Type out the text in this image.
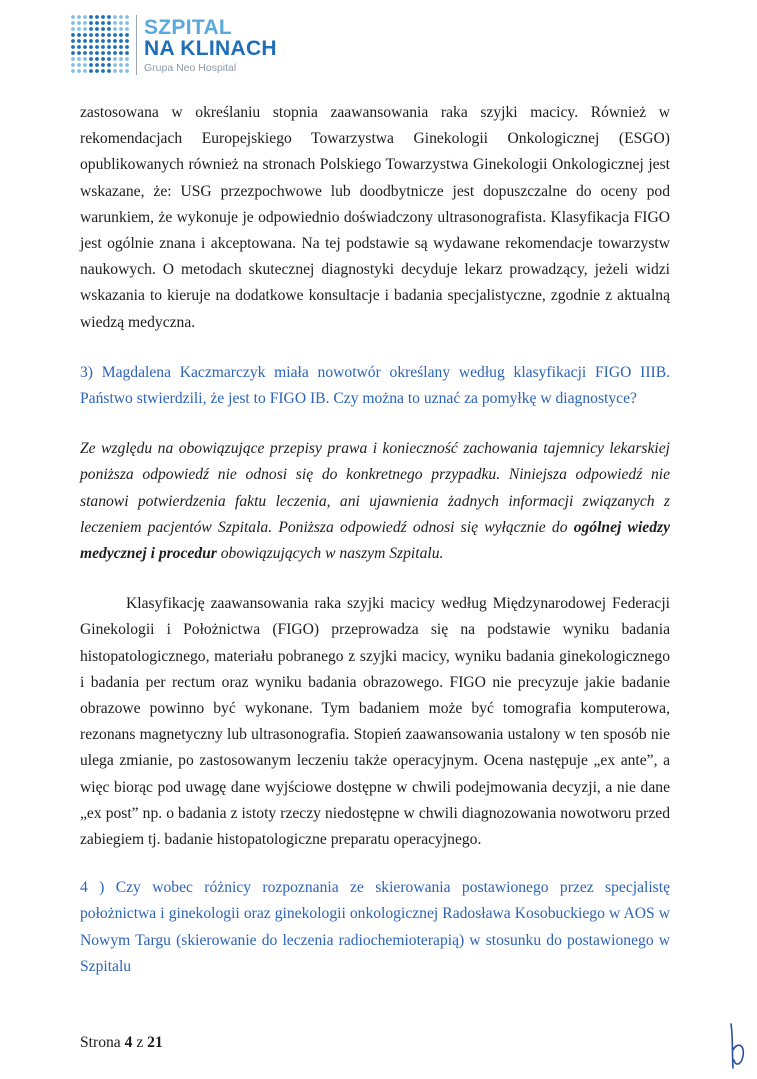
SZPITAL
NA KLINACH
Grupa Neo Hospital

zastosowana w określaniu stopnia zaawansowania raka szyjki macicy. Również w rekomendacjach Europejskiego Towarzystwa Ginekologii Onkologicznej (ESGO) opublikowanych również na stronach Polskiego Towarzystwa Ginekologii Onkologicznej jest wskazane, że: USG przezpochwowe lub doodbytnicze jest dopuszczalne do oceny pod warunkiem, że wykonuje je odpowiednio doświadczony ultrasonografista. Klasyfikacja FIGO jest ogólnie znana i akceptowana. Na tej podstawie są wydawane rekomendacje towarzystw naukowych. O metodach skutecznej diagnostyki decyduje lekarz prowadzący, jeżeli widzi wskazania to kieruje na dodatkowe konsultacje i badania specjalistyczne, zgodnie z aktualną wiedzą medyczna.

3) Magdalena Kaczmarczyk miała nowotwór określany według klasyfikacji FIGO IIIB. Państwo stwierdzili, że jest to FIGO IB. Czy można to uznać za pomyłkę w diagnostyce?

Ze względu na obowiązujące przepisy prawa i konieczność zachowania tajemnicy lekarskiej poniższa odpowiedź nie odnosi się do konkretnego przypadku. Niniejsza odpowiedź nie stanowi potwierdzenia faktu leczenia, ani ujawnienia żadnych informacji związanych z leczeniem pacjentów Szpitala. Poniższa odpowiedź odnosi się wyłącznie do ogólnej wiedzy medycznej i procedur obowiązujących w naszym Szpitalu.

Klasyfikację zaawansowania raka szyjki macicy według Międzynarodowej Federacji Ginekologii i Położnictwa (FIGO) przeprowadza się na podstawie wyniku badania histopatologicznego, materiału pobranego z szyjki macicy, wyniku badania ginekologicznego i badania per rectum oraz wyniku badania obrazowego. FIGO nie precyzuje jakie badanie obrazowe powinno być wykonane. Tym badaniem może być tomografia komputerowa, rezonans magnetyczny lub ultrasonografia. Stopień zaawansowania ustalony w ten sposób nie ulega zmianie, po zastosowanym leczeniu także operacyjnym. Ocena następuje „ex ante”, a więc biorąc pod uwagę dane wyjściowe dostępne w chwili podejmowania decyzji, a nie dane „ex post” np. o badania z istoty rzeczy niedostępne w chwili diagnozowania nowotworu przed zabiegiem tj. badanie histopatologiczne preparatu operacyjnego.

4 ) Czy wobec różnicy rozpoznania ze skierowania postawionego przez specjalistę położnictwa i ginekologii oraz ginekologii onkologicznej Radosława Kosobuckiego w AOS w Nowym Targu (skierowanie do leczenia radiochemioterapią) w stosunku do postawionego w Szpitalu

Strona 4 z 21
